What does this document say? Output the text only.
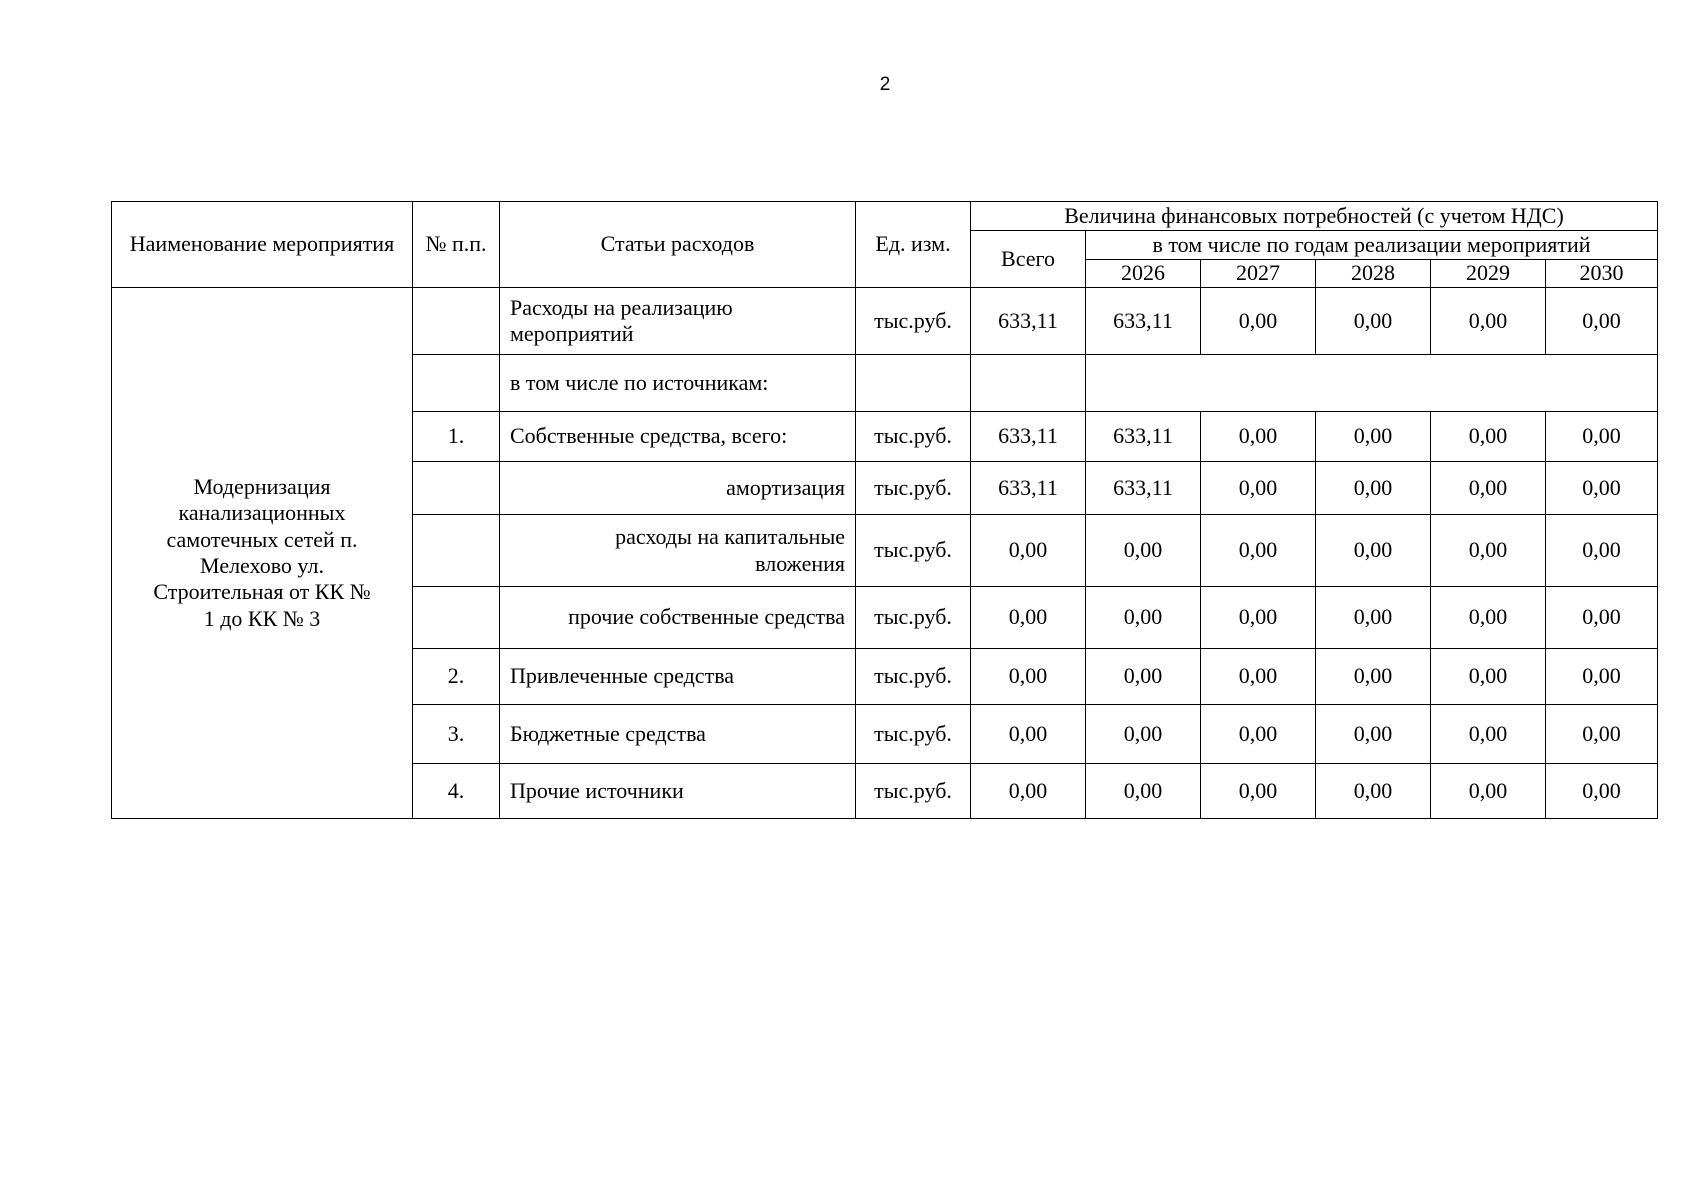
2
Наименование мероприятия	№ п.п.	Статьи расходов	Ед. изм.	Величина финансовых потребностей (с учетом НДС)					
				Всего	в том числе по годам реализации мероприятий				
					2026	2027	2028	2029	2030

Модернизация канализационных самотечных сетей п. Мелехово ул. Строительная от КК № 1 до КК № 3		Расходы на реализацию мероприятий	тыс.руб.	633,11	633,11	0,00	0,00	0,00	0,00
		в том числе по источникам:							
	1.	Собственные средства, всего:	тыс.руб.	633,11	633,11	0,00	0,00	0,00	0,00
		амортизация	тыс.руб.	633,11	633,11	0,00	0,00	0,00	0,00

		расходы на капитальные вложения	тыс.руб.	0,00	0,00	0,00	0,00	0,00	0,00
		прочие собственные средства	тыс.руб.	0,00	0,00	0,00	0,00	0,00	0,00
	2.	Привлеченные средства	тыс.руб.	0,00	0,00	0,00	0,00	0,00	0,00
	3.	Бюджетные средства	тыс.руб.	0,00	0,00	0,00	0,00	0,00	0,00
	4.	Прочие источники	тыс.руб.	0,00	0,00	0,00	0,00	0,00	0,00
